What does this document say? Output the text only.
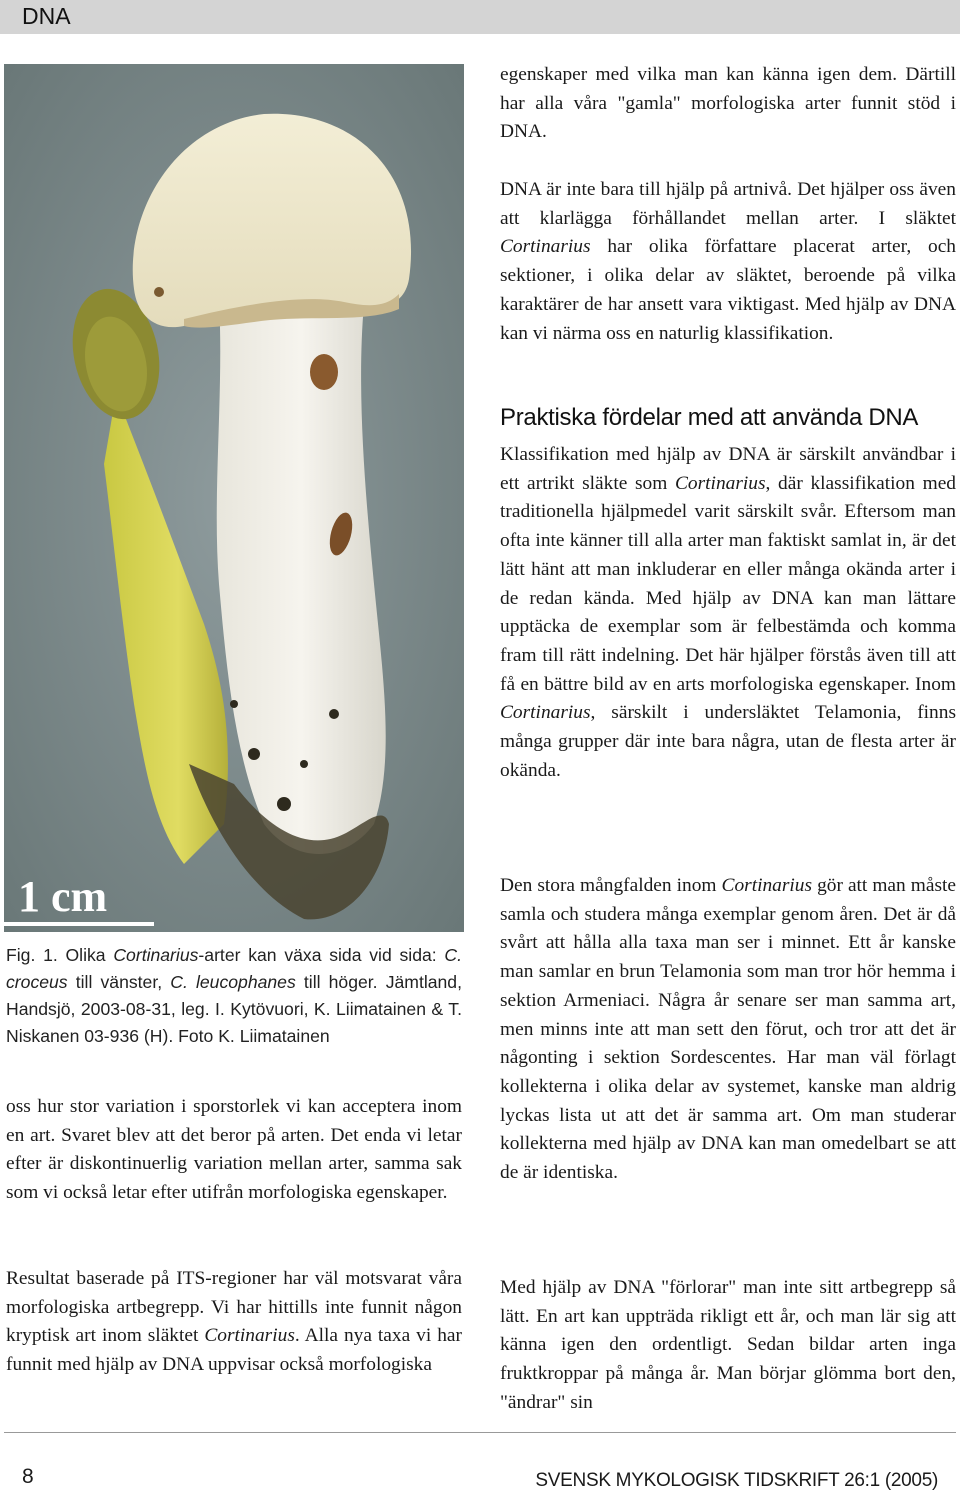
DNA
1 cm
Fig. 1. Olika Cortinarius-arter kan växa sida vid sida: C. croceus till vänster, C. leucophanes till höger. Jämtland, Handsjö, 2003-08-31, leg. I. Kytövuori, K. Liimatainen & T. Niskanen 03-936 (H). Foto K. Liimatainen
oss hur stor variation i sporstorlek vi kan acceptera inom en art. Svaret blev att det beror på arten. Det enda vi letar efter är diskontinuerlig variation mellan arter, samma sak som vi också letar efter utifrån morfologiska egenskaper.
Resultat baserade på ITS-regioner har väl motsvarat våra morfologiska artbegrepp. Vi har hittills inte funnit någon kryptisk art inom släktet Cortinarius. Alla nya taxa vi har funnit med hjälp av DNA uppvisar också morfologiska
egenskaper med vilka man kan känna igen dem. Därtill har alla våra "gamla" morfologiska arter funnit stöd i DNA.
DNA är inte bara till hjälp på artnivå. Det hjälper oss även att klarlägga förhållandet mellan arter. I släktet Cortinarius har olika författare placerat arter, och sektioner, i olika delar av släktet, beroende på vilka karaktärer de har ansett vara viktigast. Med hjälp av DNA kan vi närma oss en naturlig klassifikation.
Praktiska fördelar med att använda DNA
Klassifikation med hjälp av DNA är särskilt användbar i ett artrikt släkte som Cortinarius, där klassifikation med traditionella hjälpmedel varit särskilt svår. Eftersom man ofta inte känner till alla arter man faktiskt samlat in, är det lätt hänt att man inkluderar en eller många okända arter i de redan kända. Med hjälp av DNA kan man lättare upptäcka de exemplar som är felbestämda och komma fram till rätt indelning. Det här hjälper förstås även till att få en bättre bild av en arts morfologiska egenskaper. Inom Cortinarius, särskilt i undersläktet Telamonia, finns många grupper där inte bara några, utan de flesta arter är okända.
Den stora mångfalden inom Cortinarius gör att man måste samla och studera många exemplar genom åren. Det är då svårt att hålla alla taxa man ser i minnet. Ett år kanske man samlar en brun Telamonia som man tror hör hemma i sektion Armeniaci. Några år senare ser man samma art, men minns inte att man sett den förut, och tror att det är någonting i sektion Sordescentes. Har man väl förlagt kollekterna i olika delar av systemet, kanske man aldrig lyckas lista ut att det är samma art. Om man studerar kollekterna med hjälp av DNA kan man omedelbart se att de är identiska.
Med hjälp av DNA "förlorar" man inte sitt artbegrepp så lätt. En art kan uppträda rikligt ett år, och man lär sig att känna igen den ordentligt. Sedan bildar arten inga fruktkroppar på många år. Man börjar glömma bort den, "ändrar" sin
8	SVENSK MYKOLOGISK TIDSKRIFT 26:1 (2005)
